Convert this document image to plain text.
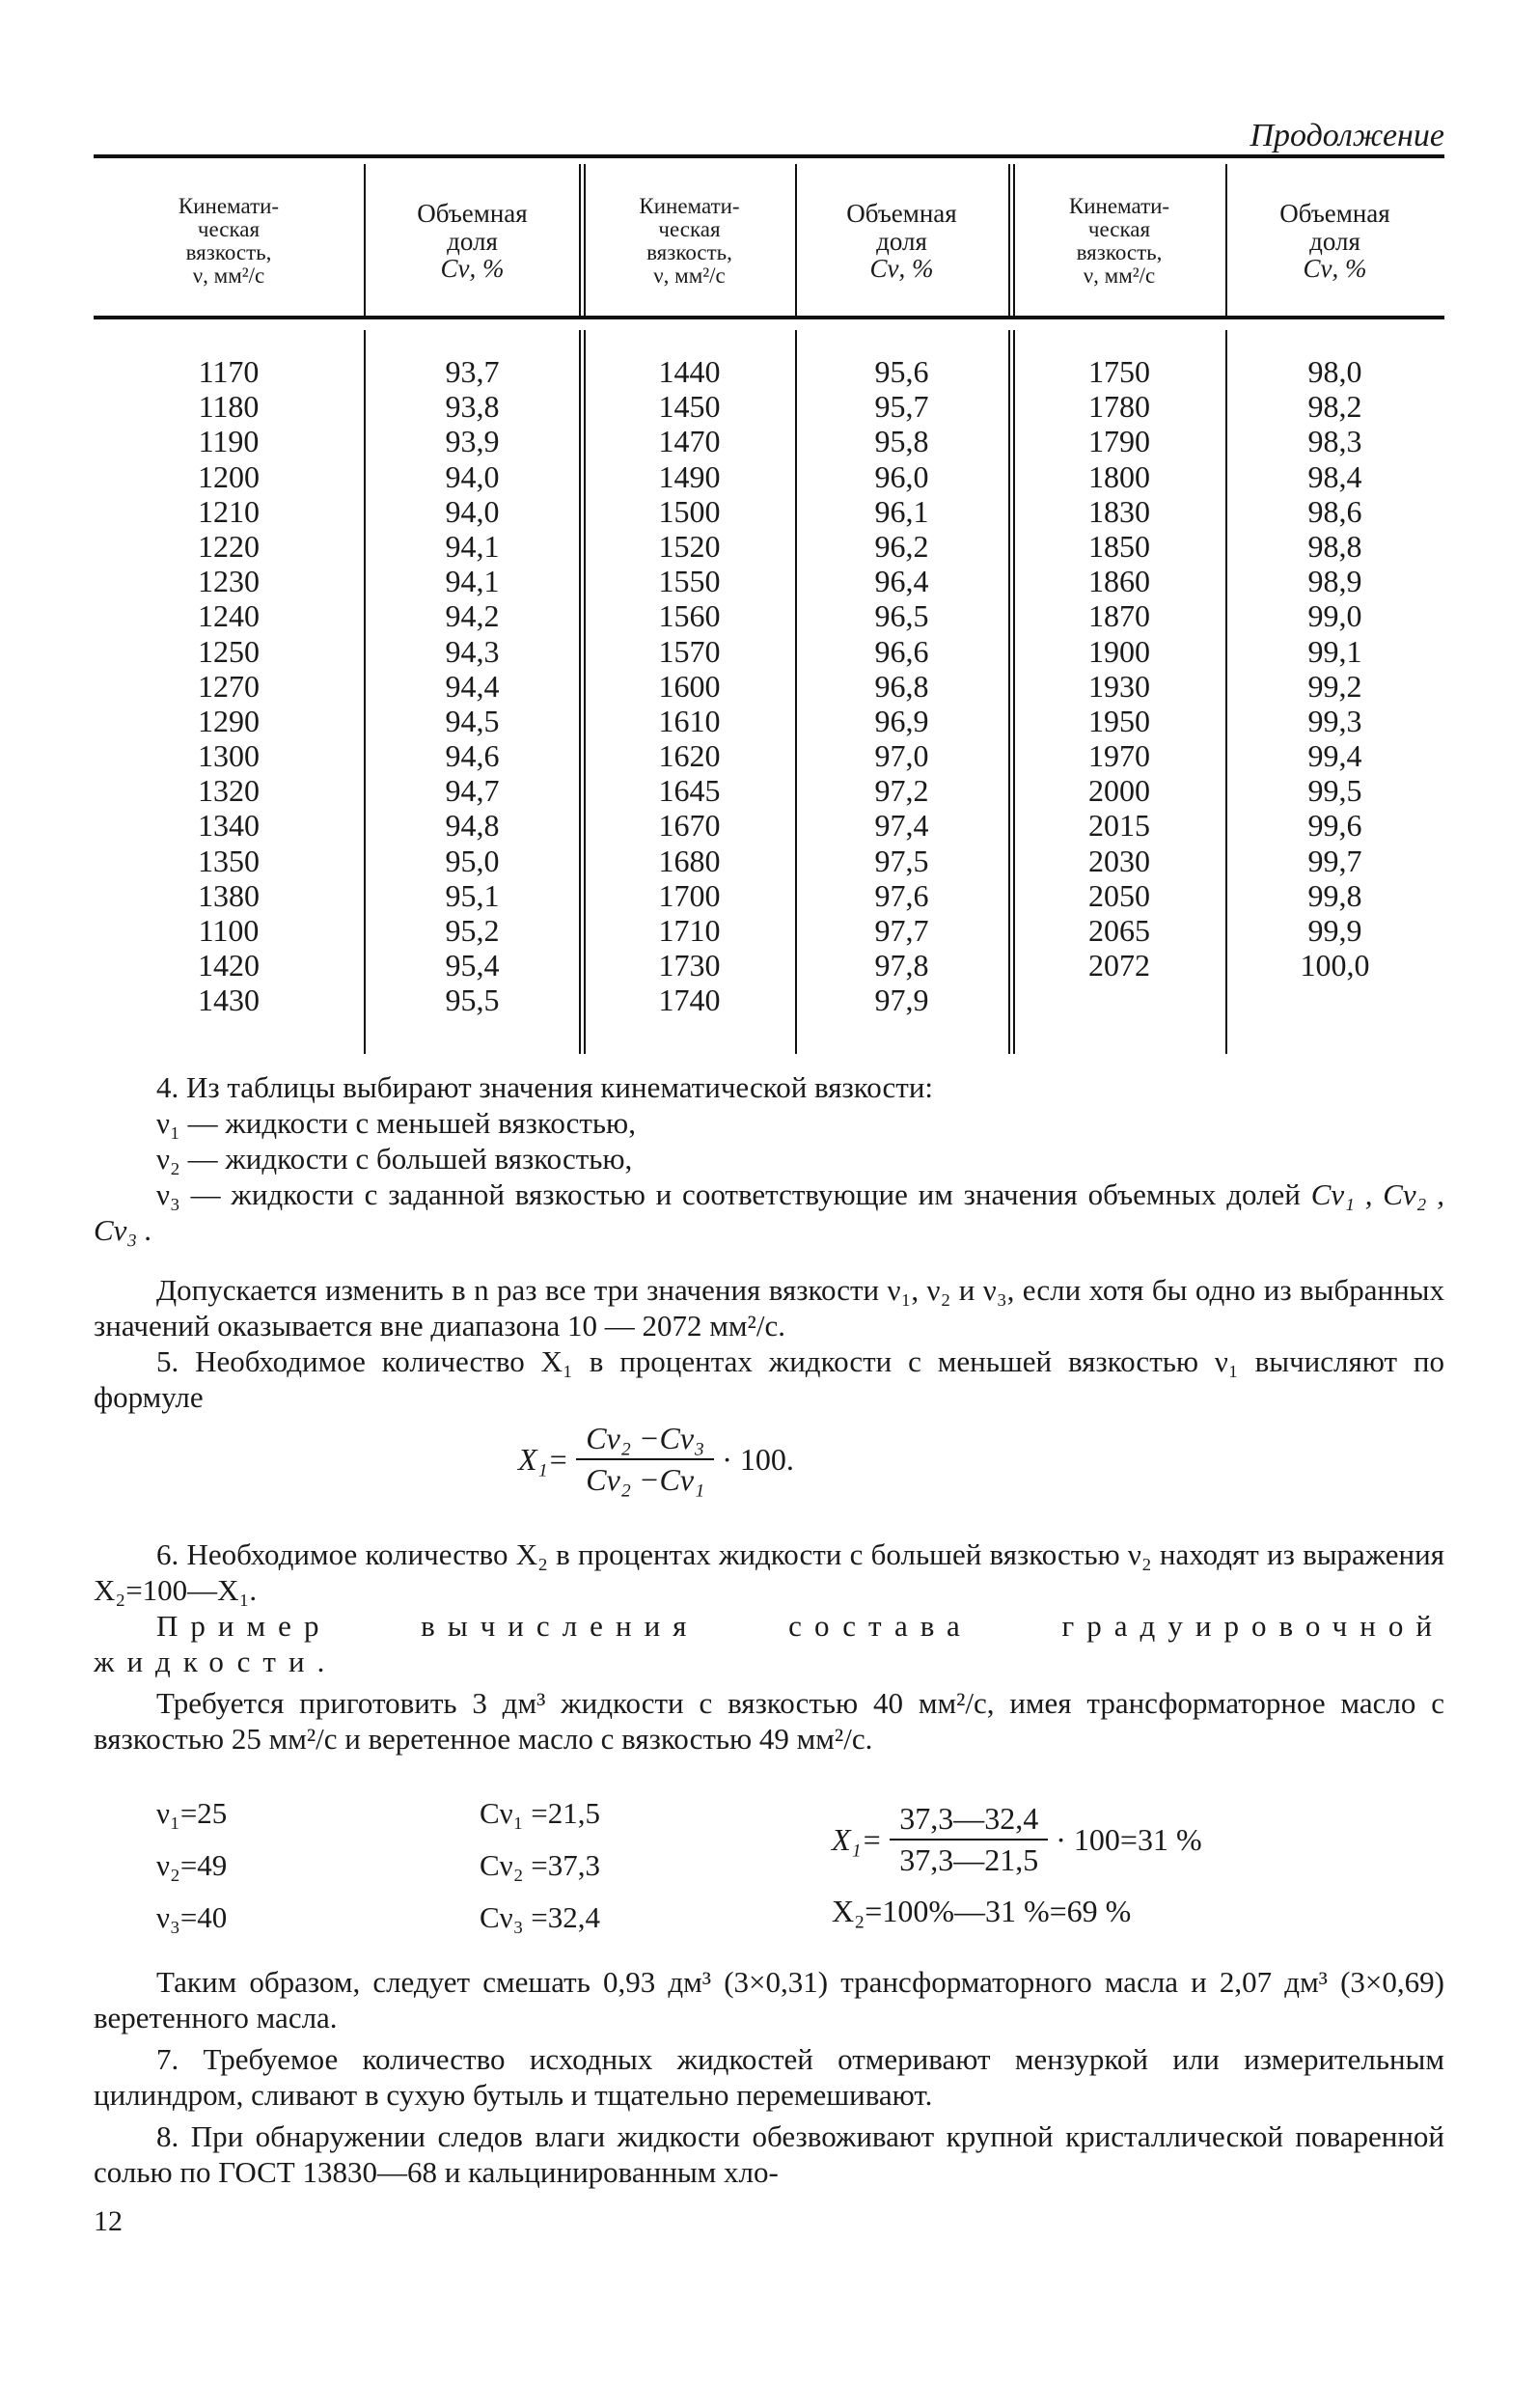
Продолжение
Кинемати-
ческая
вязкость,
ν, мм²/с
Объемная
доля
Cν, %
Кинемати-
ческая
вязкость,
ν, мм²/с
Объемная
доля
Cν, %
Кинемати-
ческая
вязкость,
ν, мм²/с
Объемная
доля
Cν, %
1170
1180
1190
1200
1210
1220
1230
1240
1250
1270
1290
1300
1320
1340
1350
1380
1100
1420
1430
93,7
93,8
93,9
94,0
94,0
94,1
94,1
94,2
94,3
94,4
94,5
94,6
94,7
94,8
95,0
95,1
95,2
95,4
95,5
1440
1450
1470
1490
1500
1520
1550
1560
1570
1600
1610
1620
1645
1670
1680
1700
1710
1730
1740
95,6
95,7
95,8
96,0
96,1
96,2
96,4
96,5
96,6
96,8
96,9
97,0
97,2
97,4
97,5
97,6
97,7
97,8
97,9
1750
1780
1790
1800
1830
1850
1860
1870
1900
1930
1950
1970
2000
2015
2030
2050
2065
2072
98,0
98,2
98,3
98,4
98,6
98,8
98,9
99,0
99,1
99,2
99,3
99,4
99,5
99,6
99,7
99,8
99,9
100,0

4. Из таблицы выбирают значения кинематической вязкости:

ν₁ — жидкости с меньшей вязкостью,

ν₂ — жидкости с большей вязкостью,

ν₃ — жидкости с заданной вязкостью и соответствующие им значения объемных долей Cν₁ , Cν₂ , Cν₃ .

Допускается изменить в n раз все три значения вязкости ν₁, ν₂ и ν₃, если хотя бы одно из выбранных значений оказывается вне диапазона 10 — 2072 мм²/с.

5. Необходимое количество X₁ в процентах жидкости с меньшей вязкостью ν₁ вычисляют по формуле

$X_1= \frac{\text{Cν₂ −Cν₃}}{\text{Cν₂ −Cν₁}} \cdot 100$.

6. Необходимое количество X₂ в процентах жидкости с большей вязкостью ν₂ находят из выражения X₂=100—X₁.

Пример вычисления состава градуировочной жидкости.

Требуется приготовить 3 дм³ жидкости с вязкостью 40 мм²/с, имея трансформаторное масло с вязкостью 25 мм²/с и веретенное масло с вязкостью 49 мм²/с.

ν₁=25
ν₂=49
ν₃=40
Cν₁ =21,5
Cν₂ =37,3
Cν₃ =32,4
$X_1= \frac{37,3—32,4}{37,3—21,5} \cdot 100=31$ %
X₂=100%—31 %=69 %

Таким образом, следует смешать 0,93 дм³ (3×0,31) трансформаторного масла и 2,07 дм³ (3×0,69) веретенного масла.

7. Требуемое количество исходных жидкостей отмеривают мензуркой или измерительным цилиндром, сливают в сухую бутыль и тщательно перемешивают.

8. При обнаружении следов влаги жидкости обезвоживают крупной кристаллической поваренной солью по ГОСТ 13830—68 и кальцинированным хло-

12
